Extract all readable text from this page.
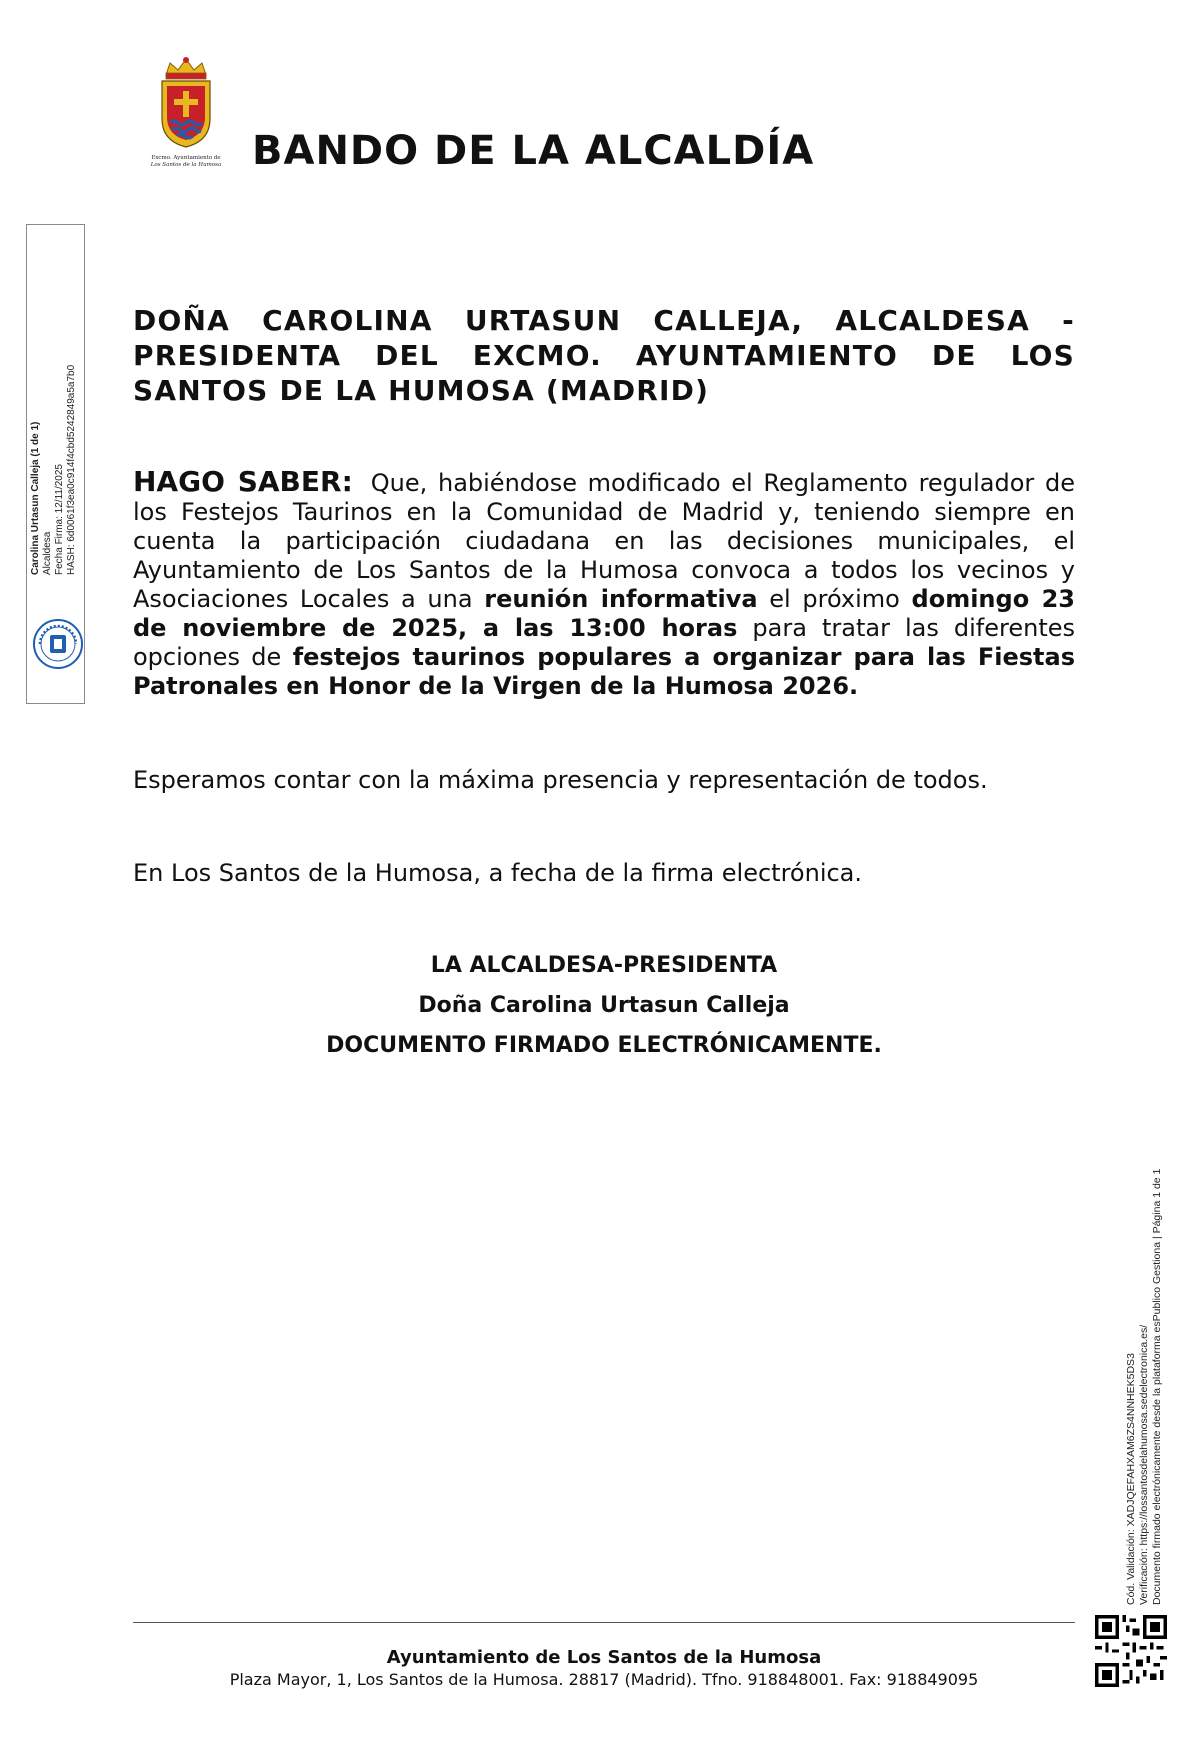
Excmo. Ayuntamiento de
Los Santos de la Humosa BANDO DE LA ALCALDÍA
Carolina Urtasun Calleja (1 de 1) Alcaldesa Fecha Firma: 12/11/2025 HASH: 6d0061f3ea0c914f4cbd5242849a5a7b0
DOÑA CAROLINA URTASUN CALLEJA, ALCALDESA - PRESIDENTA DEL EXCMO. AYUNTAMIENTO DE LOS SANTOS DE LA HUMOSA (MADRID)
HAGO SABER: Que, habiéndose modificado el Reglamento regulador de los Festejos Taurinos en la Comunidad de Madrid y, teniendo siempre en cuenta la participación ciudadana en las decisiones municipales, el Ayuntamiento de Los Santos de la Humosa convoca a todos los vecinos y Asociaciones Locales a una reunión informativa el próximo domingo 23 de noviembre de 2025, a las 13:00 horas para tratar las diferentes opciones de festejos taurinos populares a organizar para las Fiestas Patronales en Honor de la Virgen de la Humosa 2026.
Esperamos contar con la máxima presencia y representación de todos.
En Los Santos de la Humosa, a fecha de la firma electrónica.
LA ALCALDESA-PRESIDENTA
Doña Carolina Urtasun Calleja
DOCUMENTO FIRMADO ELECTRÓNICAMENTE.
Cód. Validación: XADJQEFAHXAM6ZS4NNHEK5DS3 Verificación: https://lossantosdelahumosa.sedelectronica.es/ Documento firmado electrónicamente desde la plataforma esPublico Gestiona | Página 1 de 1
Ayuntamiento de Los Santos de la Humosa
Plaza Mayor, 1, Los Santos de la Humosa. 28817 (Madrid). Tfno. 918848001. Fax: 918849095
